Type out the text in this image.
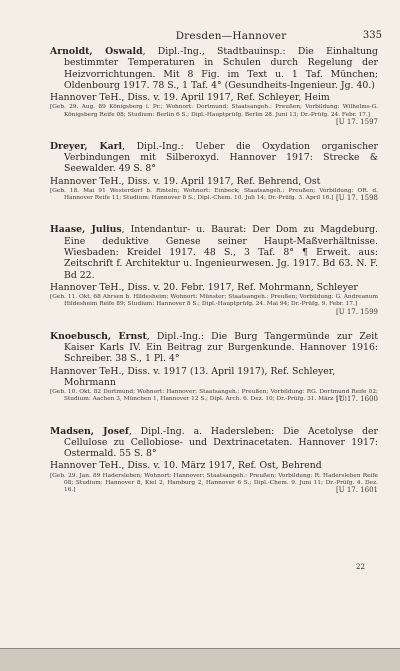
Dresden—Hannover	335

Arnoldt, Oswald, Dipl.-Ing., Stadtbauinsp.: Die Einhaltung bestimmter Temperaturen in Schulen durch Regelung der Heizvorrichtungen. Mit 8 Fig. im Text u. 1 Taf. München; Oldenbourg 1917. 78 S., 1 Taf. 4° (Gesundheits-Ingenieur. Jg. 40.)

Hannover TeH., Diss. v. 19. April 1917, Ref. Schleyer, Heim

[Geb. 29. Aug. 89 Königsberg i. Pr.; Wohnort: Dortmund; Staatsangeh.: Preußen; Vorbildung: Wilhelms-G. Königsberg Reife 08; Studium: Berlin 6 S.; Dipl.-Hauptprüfg. Berlin 28. Juni 13; Dr.-Prüfg. 24. Febr. 17.]
[U 17. 1597

Dreyer, Karl, Dipl.-Ing.: Ueber die Oxydation organischer Verbindungen mit Silberoxyd. Hannover 1917: Strecke & Seewalder. 49 S. 8°

Hannover TeH., Diss. v. 19. April 1917, Ref. Behrend, Ost

[Geb. 18. Mai 91 Westerdorf b. Rinteln; Wohnort: Einbeck; Staatsangeh.: Preußen; Vorbildung: OR. d. Hannover Reife 11; Studium: Hannover 8 S.; Dipl.-Chem. 10. Juli 14; Dr.-Prüfg. 3. April 16.] [U 17. 1598

Haase, Julius, Intendantur- u. Baurat: Der Dom zu Magdeburg. Eine deduktive Genese seiner Haupt-Maßverhältnisse. Wiesbaden: Kreidel 1917. 48 S., 3 Taf. 8° ¶ Erweit. aus: Zeitschrift f. Architektur u. Ingenieurwesen. Jg. 1917. Bd 63. N. F. Bd 22.

Hannover TeH., Diss. v. 20. Febr. 1917, Ref. Mohrmann, Schleyer

[Geb. 11. Okt. 68 Ahrsen b. Hildesheim; Wohnort: Münster; Staatsangeh.: Preußen; Vorbildung: G. Andreanum Hildesheim Reife 89; Studium: Hannover 8 S.; Dipl.-Hauptprüfg. 24. Mai 94; Dr.-Prüfg. 9. Febr. 17.]
[U 17. 1599

Knoebusch, Ernst, Dipl.-Ing.: Die Burg Tangermünde zur Zeit Kaiser Karls IV. Ein Beitrag zur Burgenkunde. Hannover 1916: Schreiber. 38 S., 1 Pl. 4°

Hannover TeH., Diss. v. 1917 (13. April 1917), Ref. Schleyer, Mohrmann

[Geb. 10. Okt. 82 Dortmund; Wohnort: Hannover; Staatsangeh.: Preußen; Vorbildung: RG. Dortmund Reife 02; Studium: Aachen 3, München 1, Hannover 12 S.; Dipl. Arch. 6. Dez. 10; Dr.-Prüfg. 31. März 17.]
[U 17. 1600

Madsen, Josef, Dipl.-Ing. a. Hadersleben: Die Acetolyse der Cellulose zu Cellobiose- und Dextrinacetaten. Hannover 1917: Ostermald. 55 S. 8°

Hannover TeH., Diss. v. 10. März 1917, Ref. Ost, Behrend

[Geb. 29. Jan. 89 Hadersleben; Wohnort: Hannover; Staatsangeh.: Preußen; Vorbildung: R. Hadersleben Reife 08; Studium: Hannover 8, Kiel 2, Hamburg 2, Hannover 6 S.; Dipl.-Chem. 9. Juni 11; Dr.-Prüfg. 4. Dez. 16.]	[U 17. 1601

22
